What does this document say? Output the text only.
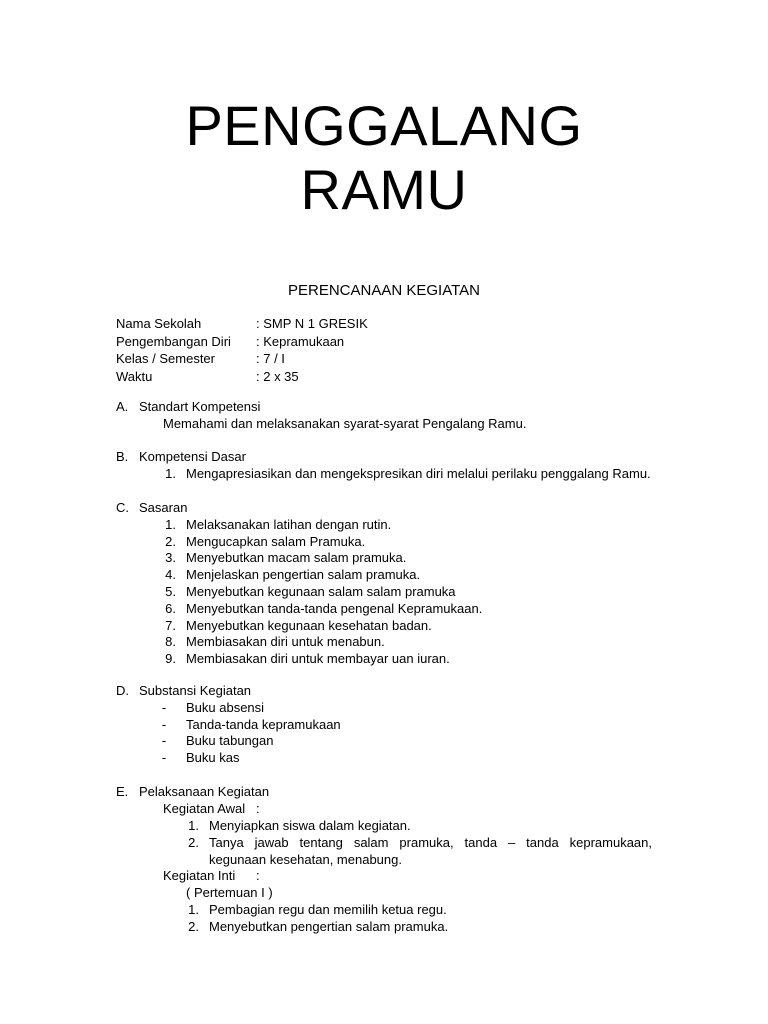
PENGGALANG
RAMU
PERENCANAAN KEGIATAN
Nama Sekolah	: SMP N 1 GRESIK
Pengembangan Diri	: Kepramukaan
Kelas / Semester	: 7 / I
Waktu	: 2 x 35
A. Standart Kompetensi
Memahami dan melaksanakan syarat-syarat Pengalang Ramu.
B. Kompetensi Dasar
1. Mengapresiasikan dan mengekspresikan diri melalui perilaku penggalang Ramu.
C. Sasaran
1. Melaksanakan latihan dengan rutin.
2. Mengucapkan salam Pramuka.
3. Menyebutkan macam salam pramuka.
4. Menjelaskan pengertian salam pramuka.
5. Menyebutkan kegunaan salam salam pramuka
6. Menyebutkan tanda-tanda pengenal Kepramukaan.
7. Menyebutkan kegunaan kesehatan badan.
8. Membiasakan diri untuk menabun.
9. Membiasakan diri untuk membayar uan iuran.
D. Substansi Kegiatan
-	Buku absensi
-	Tanda-tanda kepramukaan
-	Buku tabungan
-	Buku kas
E. Pelaksanaan Kegiatan
Kegiatan Awal :
1. Menyiapkan siswa dalam kegiatan.
2. Tanya jawab tentang salam pramuka, tanda – tanda kepramukaan, kegunaan kesehatan, menabung.
Kegiatan Inti	:
( Pertemuan I )
1. Pembagian regu dan memilih ketua regu.
2. Menyebutkan pengertian salam pramuka.
